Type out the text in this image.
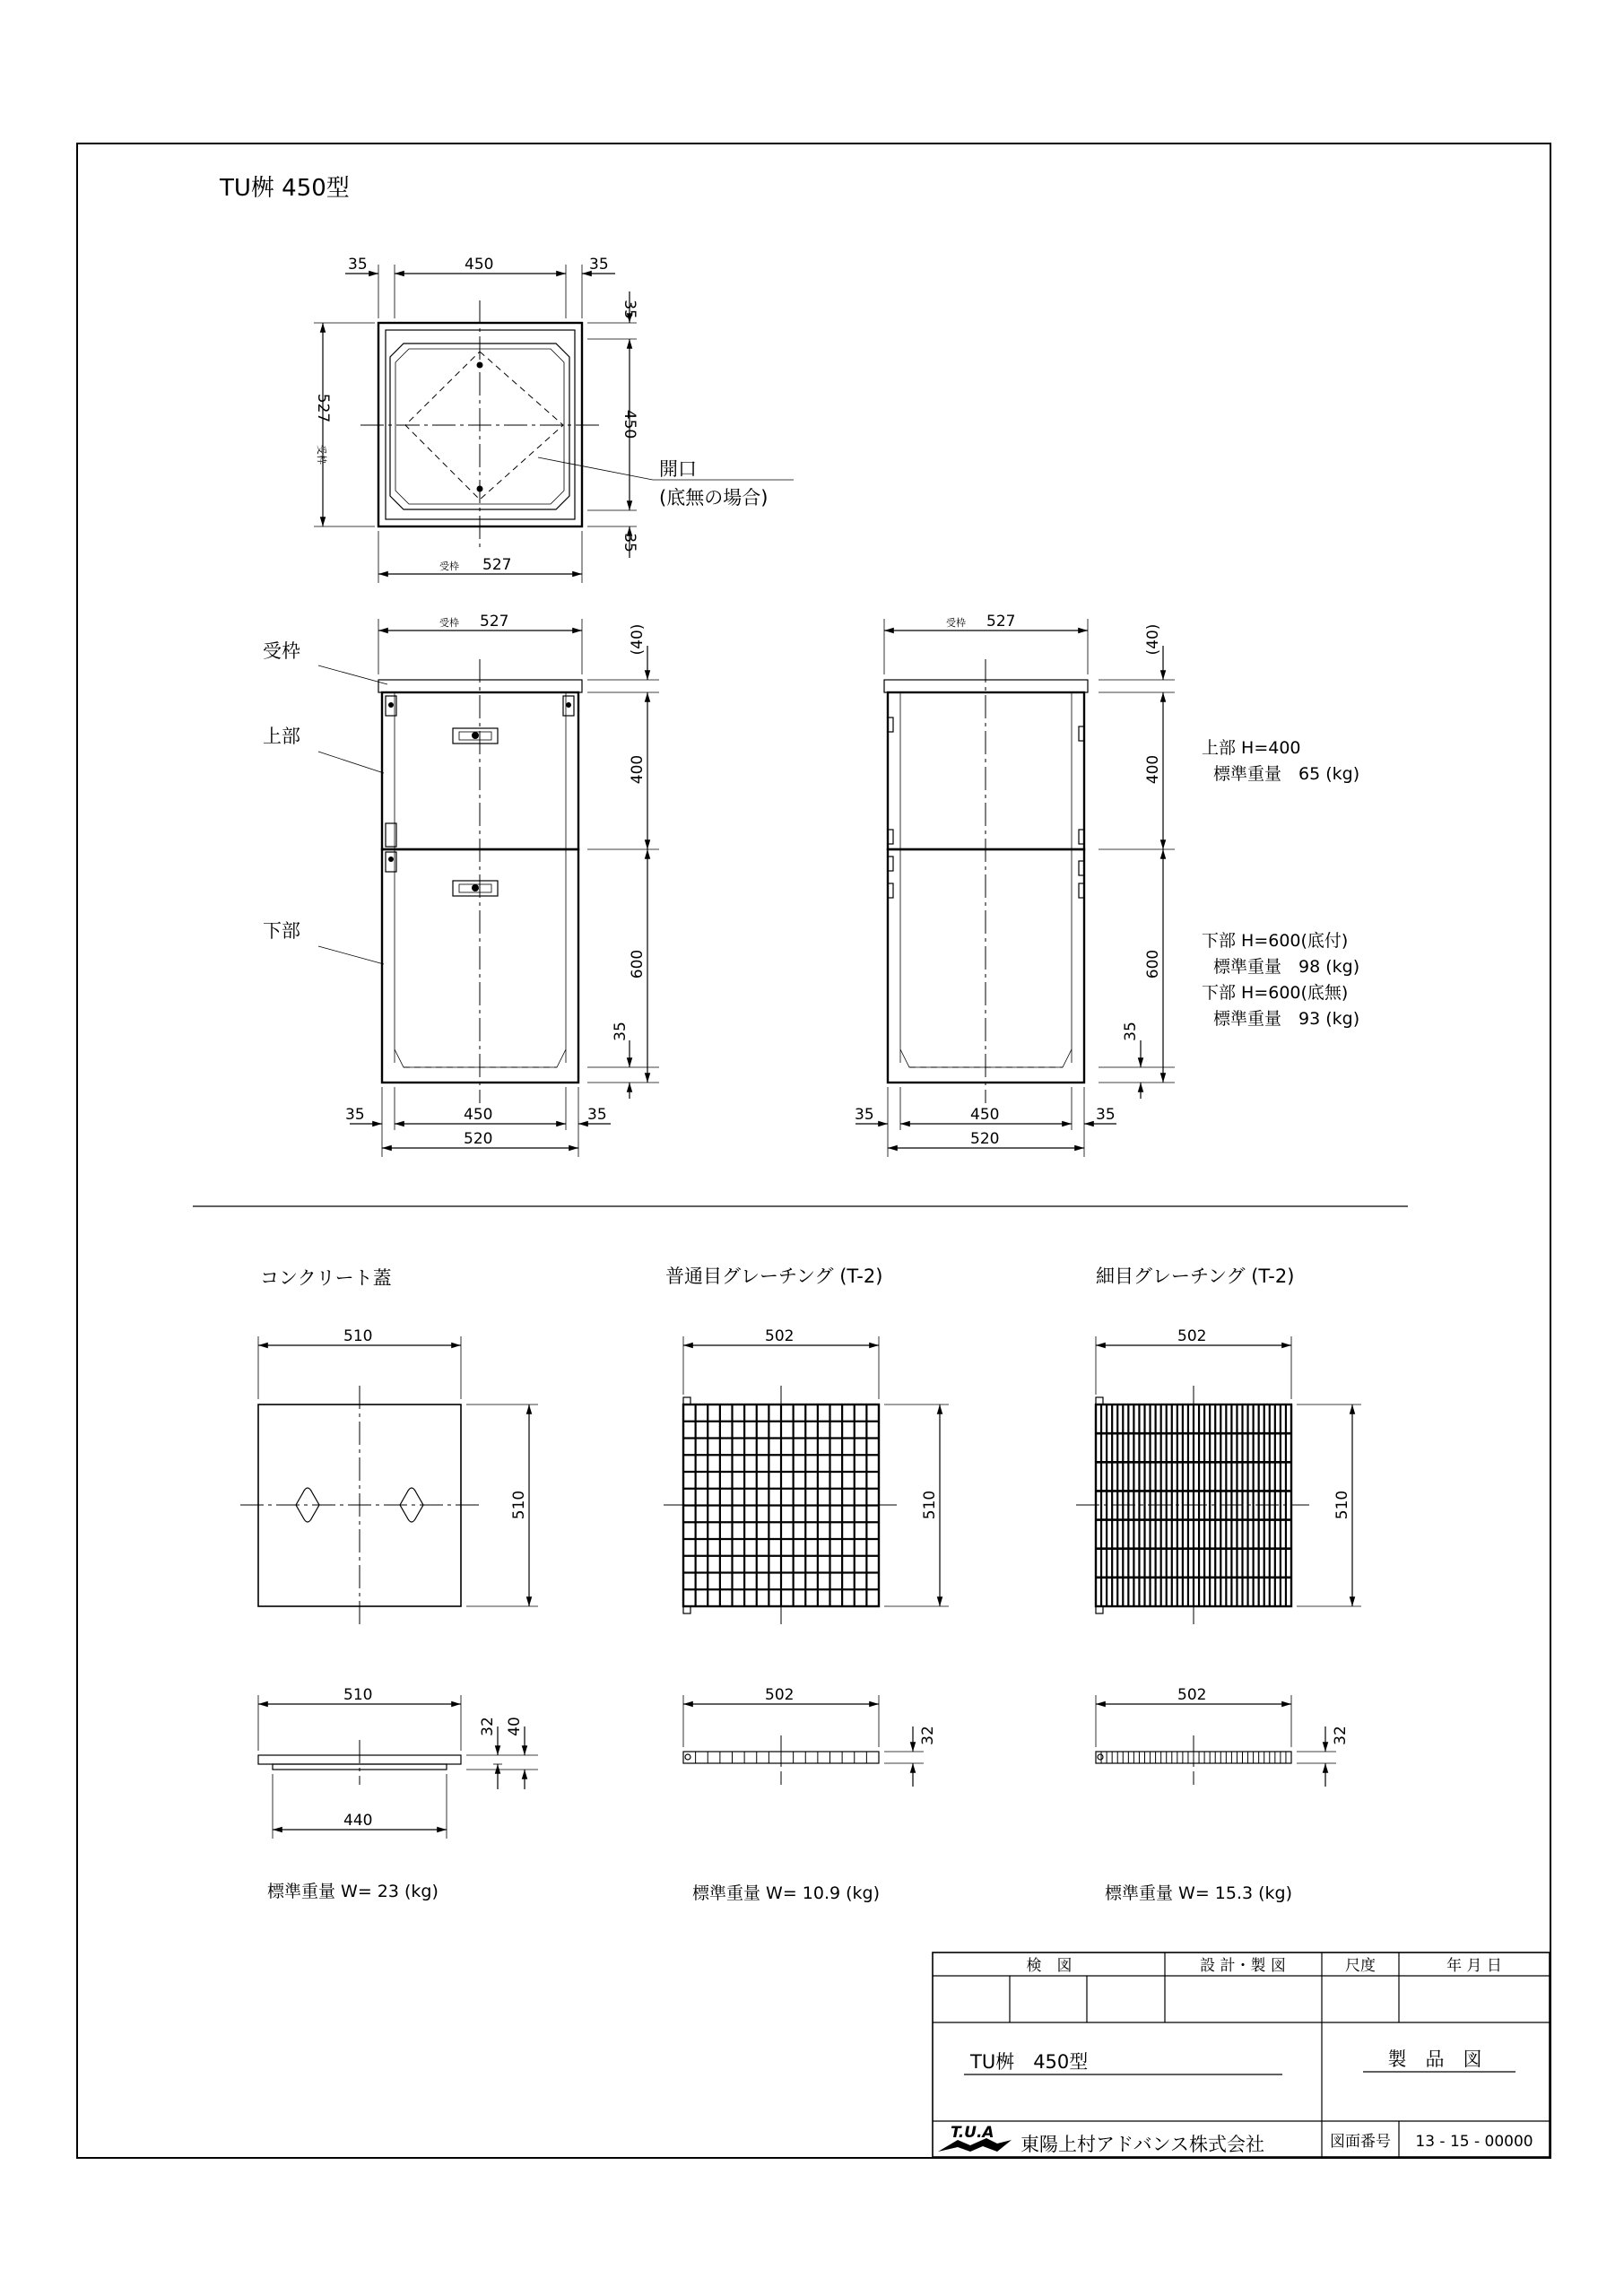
TU桝 450型
35	450	35
35
450
35
受枠
527
受枠 527
開口
(底無の場合)
受枠 527
受枠
上部
下部
(40)
400
600
35
35	450	35
520
受枠 527
(40)
400
600
35
35	450	35
520
上部 H=400
標準重量　65 (kg)
下部 H=600(底付)
標準重量　98 (kg)
下部 H=600(底無)
標準重量　93 (kg)
コンクリート蓋
510
510
510
440
32 40
標準重量 W= 23 (kg)
普通目グレーチング (T-2)
502
510
502
32
標準重量 W= 10.9 (kg)
細目グレーチング (T-2)
502
510
502
32
標準重量 W= 15.3 (kg)
検　図	設 計・製 図	尺度	年 月 日
TU桝　450型	製　品　図
T.U.A
東陽上村アドバンス株式会社	図面番号 13 - 15 - 00000
